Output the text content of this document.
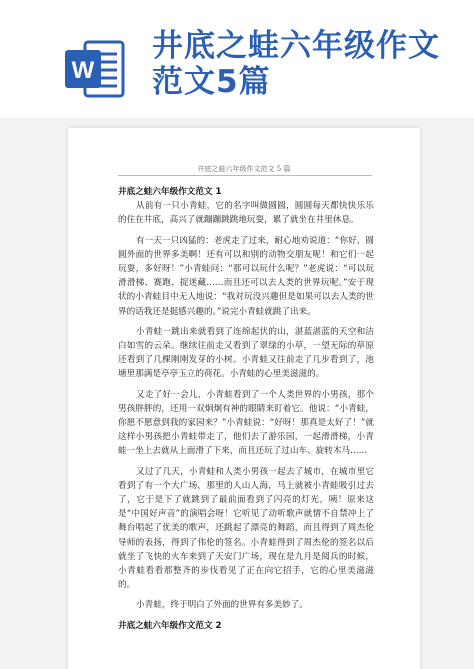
W
井底之蛙六年级作文范文5篇
井底之蛙六年级作文范文 5 篇
井底之蛙六年级作文范文 1
从前有一只小青蛙，它的名字叫做圆圆，圆圆每天都快快乐乐的住在井底，高兴了就蹦蹦跳跳地玩耍，累了就坐在井里休息。
有一天一只凶猛的：老虎走了过来，耐心地劝说道：“你好，圆圆外面的世界多美啊！还有可以和别的动物交朋友呢！和它们一起玩耍，多好呀！”小青蛙问：“那可以玩什么呢？”老虎说：“可以玩滑滑梯、赛跑、捉迷藏……而且还可以去人类的世界玩呢。”安于现状的小青蛙目中无人地说：“我对玩没兴趣但是如果可以去人类的世界的话我还是挺感兴趣的。”说完小青蛙就跳了出来。
小青蛙一跳出来就看到了连绵起伏的山，湛蓝湛蓝的天空和洁白如雪的云朵。继续往前走又看到了翠绿的小草，一望无际的草原还看到了几棵刚刚发芽的小树。小青蛙又往前走了几步看到了，池塘里那满是亭亭玉立的荷花。小青蛙的心里美滋滋的。
又走了好一会儿，小青蛙看到了一个人类世界的小男孩，那个男孩胖胖的，还用一双炯炯有神的眼睛来盯着它。他说：“小青蛙，你愿不愿意到我的家园来？”小青蛙说：“好呀！那真是太好了！”就这样小男孩把小青蛙带走了，他们去了游乐园，一起滑滑梯，小青蛙一坐上去就从上面滑了下来，而且还玩了过山车、旋转木马……
又过了几天，小青蛙和人类小男孩一起去了城市，在城市里它看到了有一个大广场，那里的人山人海，马上就被小青蛙吸引过去了，它于是下了就跳到了最前面看到了闪亮的灯光，咦！原来这是“中国好声音”的演唱会呀！它听见了动听歌声就情不自禁冲上了舞台唱起了优美的歌声，还跳起了漂亮的舞蹈，而且得到了周杰伦导师的表扬，得到了伟伦的签名。小青蛙得到了周杰伦的签名以后就坐了飞快的火车来到了天安门广场，现在是九月是阅兵的时候，小青蛙看看那整齐的步伐看见了正在向它招手，它的心里美滋滋的。
小青蛙，终于明白了外面的世界有多美妙了。
井底之蛙六年级作文范文 2
